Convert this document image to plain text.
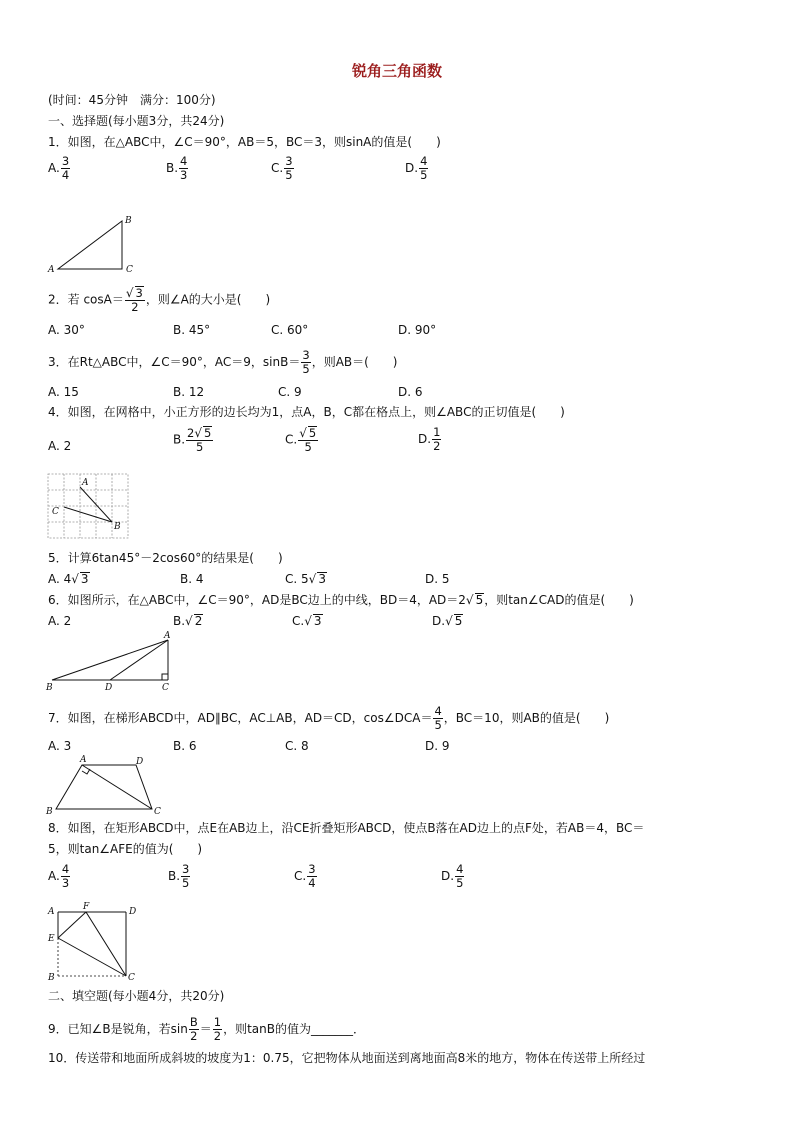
锐角三角函数
(时间：45分钟　满分：100分)
一、选择题(每小题3分，共24分)
1．如图，在△ABC中，∠C＝90°，AB＝5，BC＝3，则sinA的值是(　　)
A. $\frac{3}{4}$	B. $\frac{4}{3}$	C. $\frac{3}{5}$	D. $\frac{4}{5}$
A	C
B
2．若 $\cos A= \frac{√ 3}{2}$ ，则∠A的大小是(　　)
A. 30°	B. 45°	C. 60°	D. 90°
3．在Rt△ABC中，∠C＝90°，AC＝9，$\sin B= \frac{3}{5}$ ，则AB＝(　　)
A. 15	B. 12	C. 9	D. 6
4．如图，在网格中，小正方形的边长均为1，点A，B，C都在格点上，则∠ABC的正切值是(　　)
A. 2	B. $\frac{2√ 5}{5}$	C. $\frac{√ 5}{5}$	D. $\frac{1}{2}$
A
C
B
5．计算6tan45°－2cos60°的结果是(　　)
A. 4√ 3	B. 4	C. 5√ 3	D. 5
6．如图所示，在△ABC中，∠C＝90°，AD是BC边上的中线，BD＝4，AD＝2√ 5，则tan∠CAD的值是(　　)
A. 2	B.√ 2	C.√ 3	D.√ 5
B	D	C
A
7．如图，在梯形ABCD中，AD∥BC，AC⊥AB，AD＝CD，cos∠DCA＝ $\frac{4}{5}$ ，BC＝10，则AB的值是(　　)
A. 3	B. 6	C. 8	D. 9
B
A	D
C
8．如图，在矩形ABCD中，点E在AB边上，沿CE折叠矩形ABCD，使点B落在AD边上的点F处，若AB＝4，BC＝
5，则tan∠AFE的值为(　　)
A. $\frac{4}{3}$	B. $\frac{3}{5}$	C. $\frac{3}{4}$	D. $\frac{4}{5}$
A	F	D
E
B	C
二、填空题(每小题4分，共20分)
9．已知∠B是锐角，若$\sin \frac{B}{2} = \frac{1}{2}$ ，则tanB的值为_______．
10．传送带和地面所成斜坡的坡度为1：0.75，它把物体从地面送到离地面高8米的地方，物体在传送带上所经过
